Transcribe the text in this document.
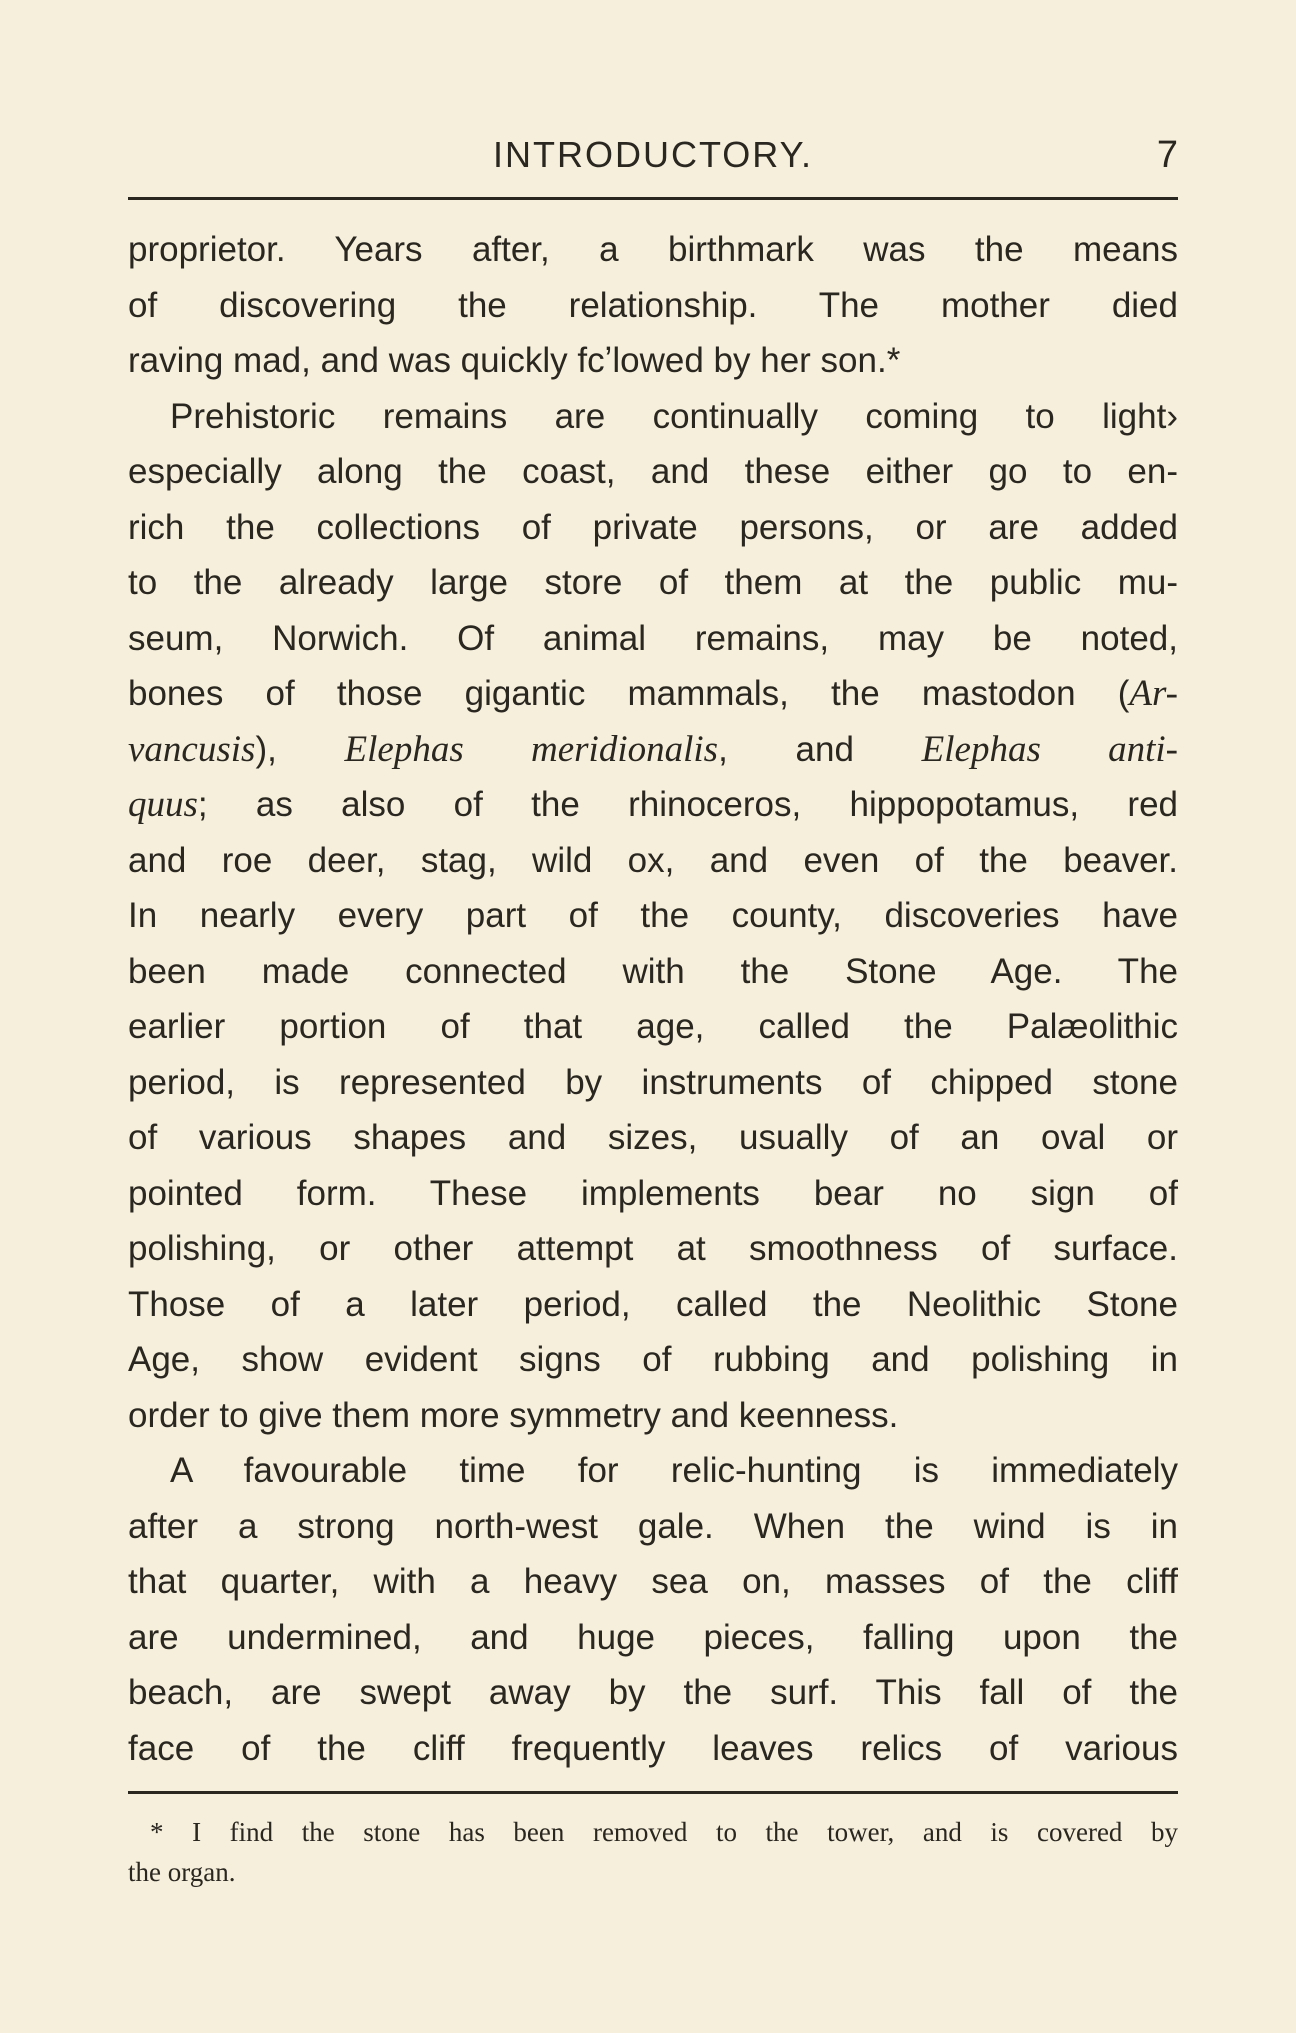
INTRODUCTORY.	7
proprietor. Years after, a birthmark was the means
of discovering the relationship. The mother died
raving mad, and was quickly fcʼlowed by her son.*
Prehistoric remains are continually coming to light›
especially along the coast, and these either go to en-
rich the collections of private persons, or are added
to the already large store of them at the public mu-
seum, Norwich. Of animal remains, may be noted,
bones of those gigantic mammals, the mastodon (Ar-
vancusis), Elephas meridionalis, and Elephas anti-
quus; as also of the rhinoceros, hippopotamus, red
and roe deer, stag, wild ox, and even of the beaver.
In nearly every part of the county, discoveries have
been made connected with the Stone Age. The
earlier portion of that age, called the Palæolithic
period, is represented by instruments of chipped stone
of various shapes and sizes, usually of an oval or
pointed form. These implements bear no sign of
polishing, or other attempt at smoothness of surface.
Those of a later period, called the Neolithic Stone
Age, show evident signs of rubbing and polishing in
order to give them more symmetry and keenness.
A favourable time for relic-hunting is immediately
after a strong north-west gale. When the wind is in
that quarter, with a heavy sea on, masses of the cliff
are undermined, and huge pieces, falling upon the
beach, are swept away by the surf. This fall of the
face of the cliff frequently leaves relics of various
* I find the stone has been removed to the tower, and is covered by
the organ.
